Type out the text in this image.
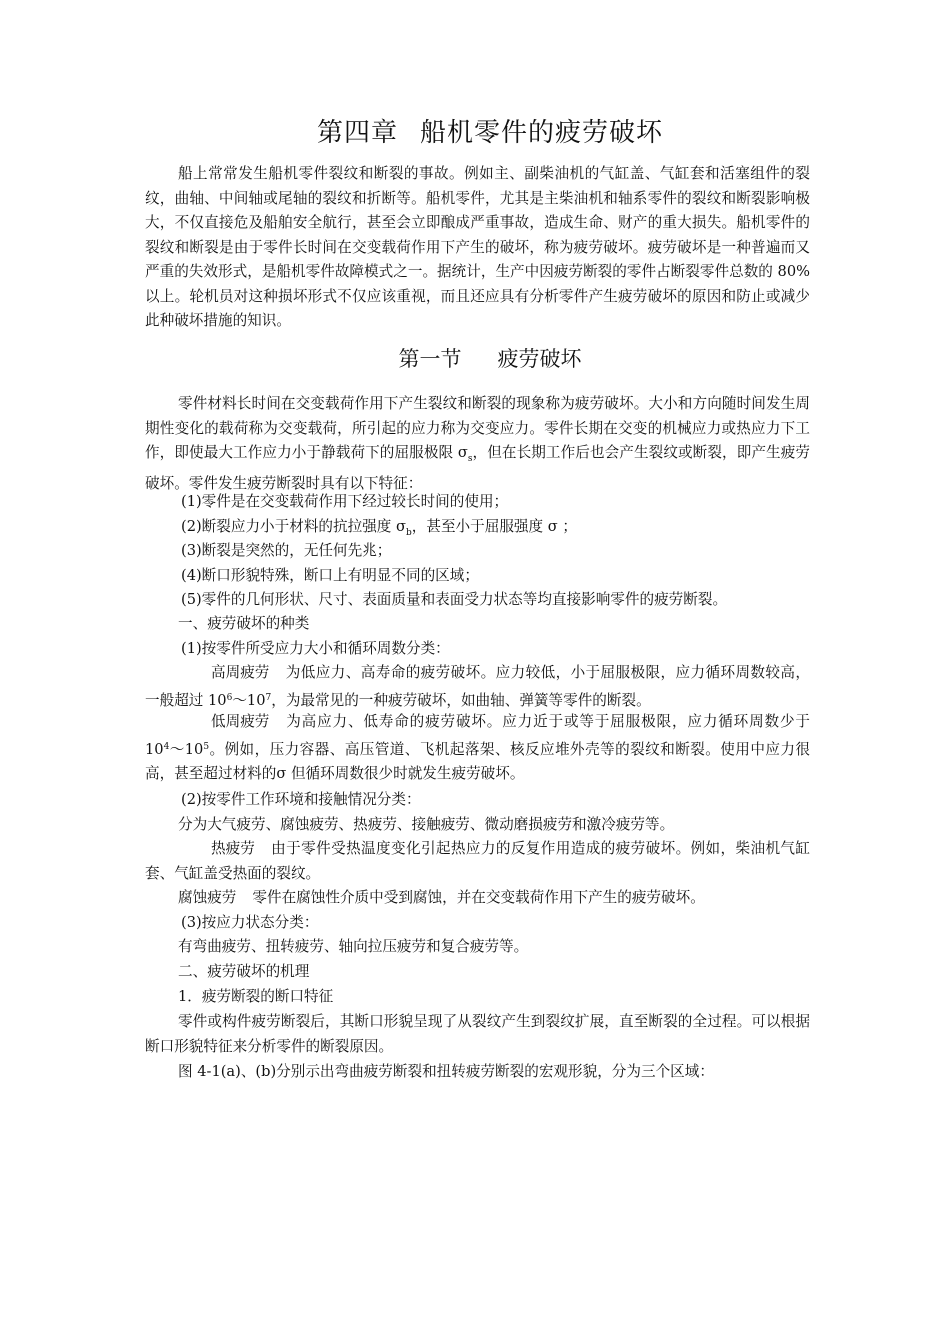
第四章 船机零件的疲劳破坏

船上常常发生船机零件裂纹和断裂的事故。例如主、副柴油机的气缸盖、气缸套和活塞组件的裂纹，曲轴、中间轴或尾轴的裂纹和折断等。船机零件，尤其是主柴油机和轴系零件的裂纹和断裂影响极大，不仅直接危及船舶安全航行，甚至会立即酿成严重事故，造成生命、财产的重大损失。船机零件的裂纹和断裂是由于零件长时间在交变载荷作用下产生的破坏，称为疲劳破坏。疲劳破坏是一种普遍而又严重的失效形式，是船机零件故障模式之一。据统计，生产中因疲劳断裂的零件占断裂零件总数的 80% 以上。轮机员对这种损坏形式不仅应该重视，而且还应具有分析零件产生疲劳破坏的原因和防止或减少此种破坏措施的知识。

第一节 疲劳破坏

零件材料长时间在交变载荷作用下产生裂纹和断裂的现象称为疲劳破坏。大小和方向随时间发生周期性变化的载荷称为交变载荷，所引起的应力称为交变应力。零件长期在交变的机械应力或热应力下工作，即使最大工作应力小于静载荷下的屈服极限 $\sigma_s$，但在长期工作后也会产生裂纹或断裂，即产生疲劳破坏。零件发生疲劳断裂时具有以下特征：

(1)零件是在交变载荷作用下经过较长时间的使用；

(2)断裂应力小于材料的抗拉强度 $\sigma_b$，甚至小于屈服强度 σ ；

(3)断裂是突然的，无任何先兆；

(4)断口形貌特殊，断口上有明显不同的区域；

(5)零件的几何形状、尺寸、表面质量和表面受力状态等均直接影响零件的疲劳断裂。

一、疲劳破坏的种类

(1)按零件所受应力大小和循环周数分类：

高周疲劳 为低应力、高寿命的疲劳破坏。应力较低，小于屈服极限，应力循环周数较高，一般超过 $10^6\sim 10^7$，为最常见的一种疲劳破坏，如曲轴、弹簧等零件的断裂。

低周疲劳 为高应力、低寿命的疲劳破坏。应力近于或等于屈服极限，应力循环周数少于 $10^4\sim 10^5$。例如，压力容器、高压管道、飞机起落架、核反应堆外壳等的裂纹和断裂。使用中应力很高，甚至超过材料的σ 但循环周数很少时就发生疲劳破坏。

(2)按零件工作环境和接触情况分类：

分为大气疲劳、腐蚀疲劳、热疲劳、接触疲劳、微动磨损疲劳和激冷疲劳等。

热疲劳 由于零件受热温度变化引起热应力的反复作用造成的疲劳破坏。例如，柴油机气缸套、气缸盖受热面的裂纹。

腐蚀疲劳 零件在腐蚀性介质中受到腐蚀，并在交变载荷作用下产生的疲劳破坏。

(3)按应力状态分类：

有弯曲疲劳、扭转疲劳、轴向拉压疲劳和复合疲劳等。

二、疲劳破坏的机理

1．疲劳断裂的断口特征

零件或构件疲劳断裂后，其断口形貌呈现了从裂纹产生到裂纹扩展，直至断裂的全过程。可以根据断口形貌特征来分析零件的断裂原因。

图 4-1(a)、(b)分别示出弯曲疲劳断裂和扭转疲劳断裂的宏观形貌，分为三个区域：
